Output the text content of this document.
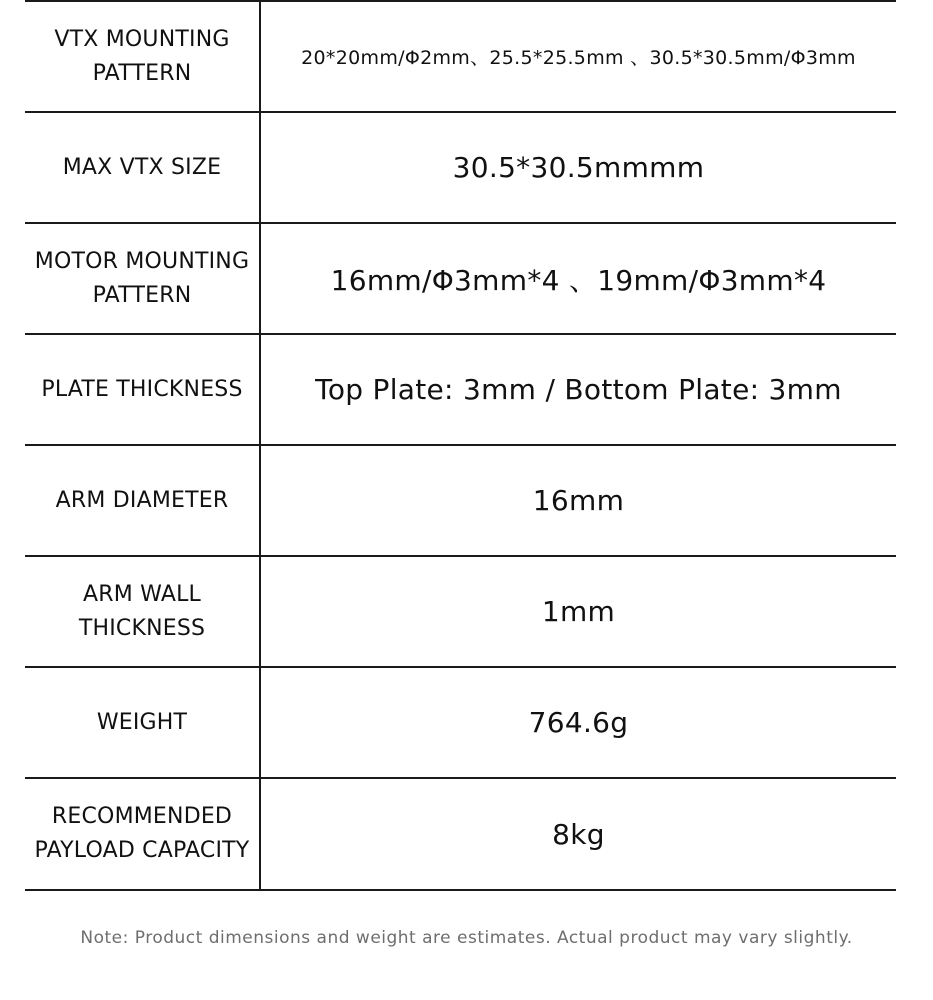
VTX MOUNTING
PATTERN	20*20mm/Φ2mm、25.5*25.5mm 、30.5*30.5mm/Φ3mm

MAX VTX SIZE	30.5*30.5mmmm

MOTOR MOUNTING
PATTERN	16mm/Φ3mm*4 、19mm/Φ3mm*4

PLATE THICKNESS	Top Plate: 3mm / Bottom Plate: 3mm

ARM DIAMETER	16mm

ARM WALL
THICKNESS	1mm

WEIGHT	764.6g

RECOMMENDED
PAYLOAD CAPACITY	8kg
Note: Product dimensions and weight are estimates. Actual product may vary slightly.
